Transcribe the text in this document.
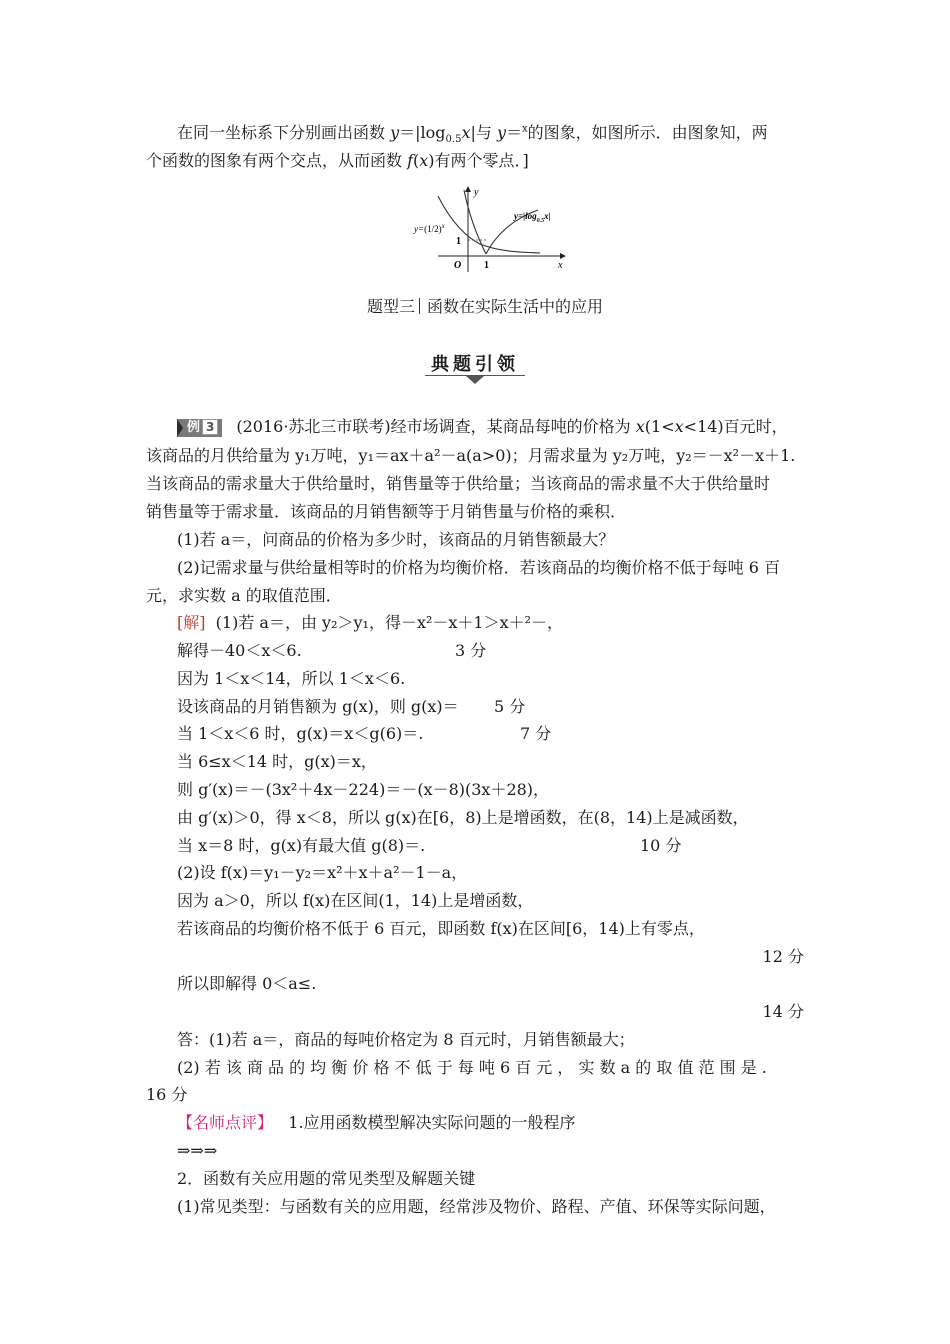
在同一坐标系下分别画出函数 $y=|\log_{0.5}x|$与 y＝$^x$的图象，如图所示．由图象知，两
个函数的图象有两个交点，从而函数 f(x)有两个零点．]
y
x
O 1
1
$y=(1/2)^x$
$y=|\log_{0.5}x|$
题型三 函数在实际生活中的应用
典题引领
例 3 (2016·苏北三市联考)经市场调查，某商品每吨的价格为 x(1<x<14)百元时，
该商品的月供给量为 y₁万吨，y₁＝ax＋a²－a(a>0)；月需求量为 y₂万吨，y₂＝－x²－x＋1.
当该商品的需求量大于供给量时，销售量等于供给量；当该商品的需求量不大于供给量时
销售量等于需求量．该商品的月销售额等于月销售量与价格的乘积．
(1)若 a＝，问商品的价格为多少时，该商品的月销售额最大？
(2)记需求量与供给量相等时的价格为均衡价格．若该商品的均衡价格不低于每吨 6 百
元，求实数 a 的取值范围．
[解] (1)若 a＝，由 y₂＞y₁，得－x²－x＋1＞x＋²－，
解得－40＜x＜6.	3 分
因为 1＜x＜14，所以 1＜x＜6.
设该商品的月销售额为 g(x)，则 g(x)＝ 5 分
当 1＜x＜6 时，g(x)＝x＜g(6)＝.	7 分
当 6≤x＜14 时，g(x)＝x，
则 g′(x)＝－(3x²＋4x－224)＝－(x－8)(3x＋28)，
由 g′(x)＞0，得 x＜8，所以 g(x)在[6，8)上是增函数，在(8，14)上是减函数，
当 x＝8 时，g(x)有最大值 g(8)＝.	10 分
(2)设 f(x)＝y₁－y₂＝x²＋x＋a²－1－a，
因为 a＞0，所以 f(x)在区间(1，14)上是增函数，
若该商品的均衡价格不低于 6 百元，即函数 f(x)在区间[6，14)上有零点，
12 分
所以即解得 0＜a≤.
14 分
答：(1)若 a＝，商品的每吨价格定为 8 百元时，月销售额最大；
(2) 若 该 商 品 的 均 衡 价 格 不 低 于 每 吨 6 百 元 ， 实 数 a 的 取 值 范 围 是 .
16 分
【名师点评】 1.应用函数模型解决实际问题的一般程序
⇒⇒⇒
2．函数有关应用题的常见类型及解题关键
(1)常见类型：与函数有关的应用题，经常涉及物价、路程、产值、环保等实际问题，
